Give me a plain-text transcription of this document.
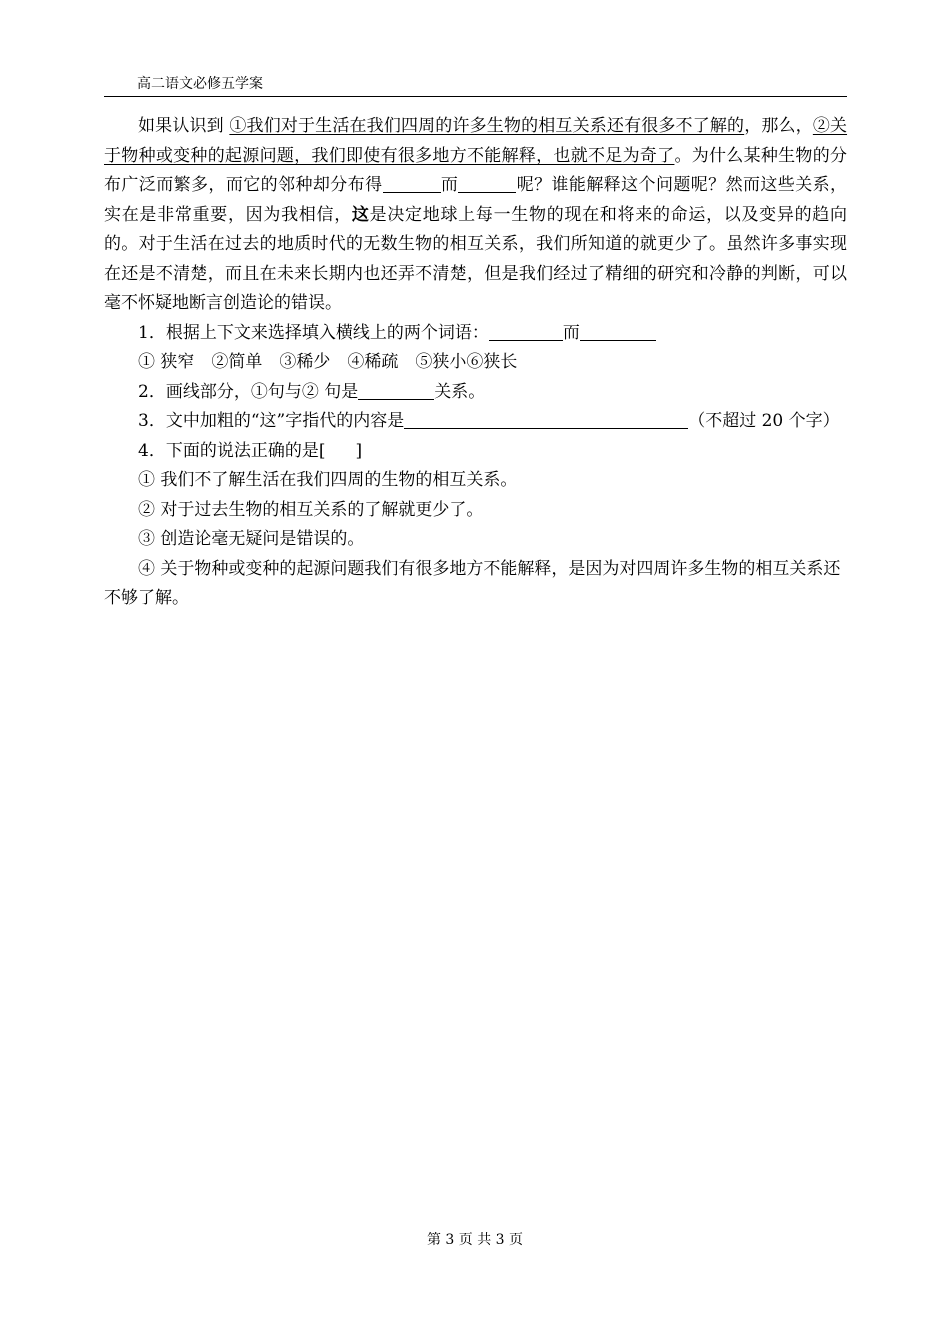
高二语文必修五学案

如果认识到 ①我们对于生活在我们四周的许多生物的相互关系还有很多不了解的，那么，②关于物种或变种的起源问题，我们即使有很多地方不能解释，也就不足为奇了。为什么某种生物的分布广泛而繁多，而它的邻种却分布得	而	呢？谁能解释这个问题呢？然而这些关系，实在是非常重要，因为我相信，这是决定地球上每一生物的现在和将来的命运，以及变异的趋向的。对于生活在过去的地质时代的无数生物的相互关系，我们所知道的就更少了。虽然许多事实现在还是不清楚，而且在未来长期内也还弄不清楚，但是我们经过了精细的研究和冷静的判断，可以毫不怀疑地断言创造论的错误。

1．根据上下文来选择填入横线上的两个词语：	而

① 狭窄　②简单　③稀少　④稀疏　⑤狭小⑥狭长

2．画线部分，①句与② 句是	关系。

3．文中加粗的“这”字指代的内容是	（不超过 20 个字）

4．下面的说法正确的是[ ]

① 我们不了解生活在我们四周的生物的相互关系。

② 对于过去生物的相互关系的了解就更少了。

③ 创造论毫无疑问是错误的。

④ 关于物种或变种的起源问题我们有很多地方不能解释，是因为对四周许多生物的相互关系还不够了解。

第 3 页 共 3 页
